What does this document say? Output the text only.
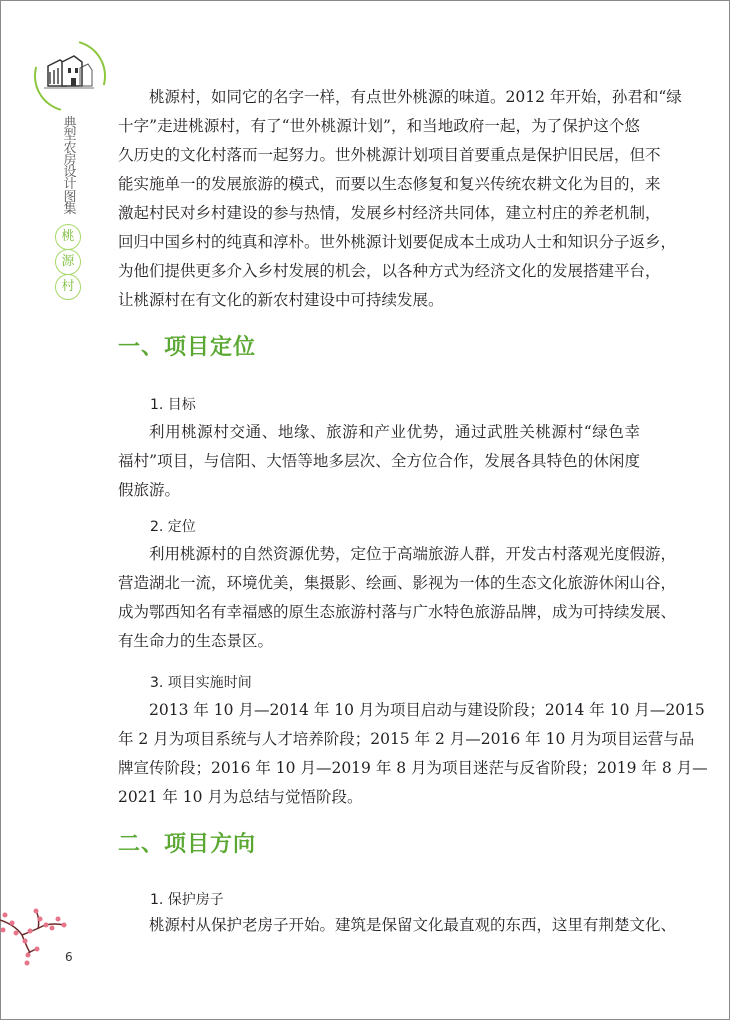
典型农房设计图集
桃
源
村
桃源村，如同它的名字一样，有点世外桃源的味道。2012 年开始，孙君和“绿
十字”走进桃源村，有了“世外桃源计划”，和当地政府一起，为了保护这个悠
久历史的文化村落而一起努力。世外桃源计划项目首要重点是保护旧民居，但不
能实施单一的发展旅游的模式，而要以生态修复和复兴传统农耕文化为目的，来
激起村民对乡村建设的参与热情，发展乡村经济共同体，建立村庄的养老机制，
回归中国乡村的纯真和淳朴。世外桃源计划要促成本土成功人士和知识分子返乡，
为他们提供更多介入乡村发展的机会，以各种方式为经济文化的发展搭建平台，
让桃源村在有文化的新农村建设中可持续发展。
一、项目定位
1. 目标
利用桃源村交通、地缘、旅游和产业优势，通过武胜关桃源村“绿色幸
福村”项目，与信阳、大悟等地多层次、全方位合作，发展各具特色的休闲度
假旅游。
2. 定位
利用桃源村的自然资源优势，定位于高端旅游人群，开发古村落观光度假游，
营造湖北一流，环境优美，集摄影、绘画、影视为一体的生态文化旅游休闲山谷，
成为鄂西知名有幸福感的原生态旅游村落与广水特色旅游品牌，成为可持续发展、
有生命力的生态景区。
3. 项目实施时间
2013 年 10 月—2014 年 10 月为项目启动与建设阶段；2014 年 10 月—2015
年 2 月为项目系统与人才培养阶段；2015 年 2 月—2016 年 10 月为项目运营与品
牌宣传阶段；2016 年 10 月—2019 年 8 月为项目迷茫与反省阶段；2019 年 8 月—
2021 年 10 月为总结与觉悟阶段。
二、项目方向
1. 保护房子
桃源村从保护老房子开始。建筑是保留文化最直观的东西，这里有荆楚文化、
6
